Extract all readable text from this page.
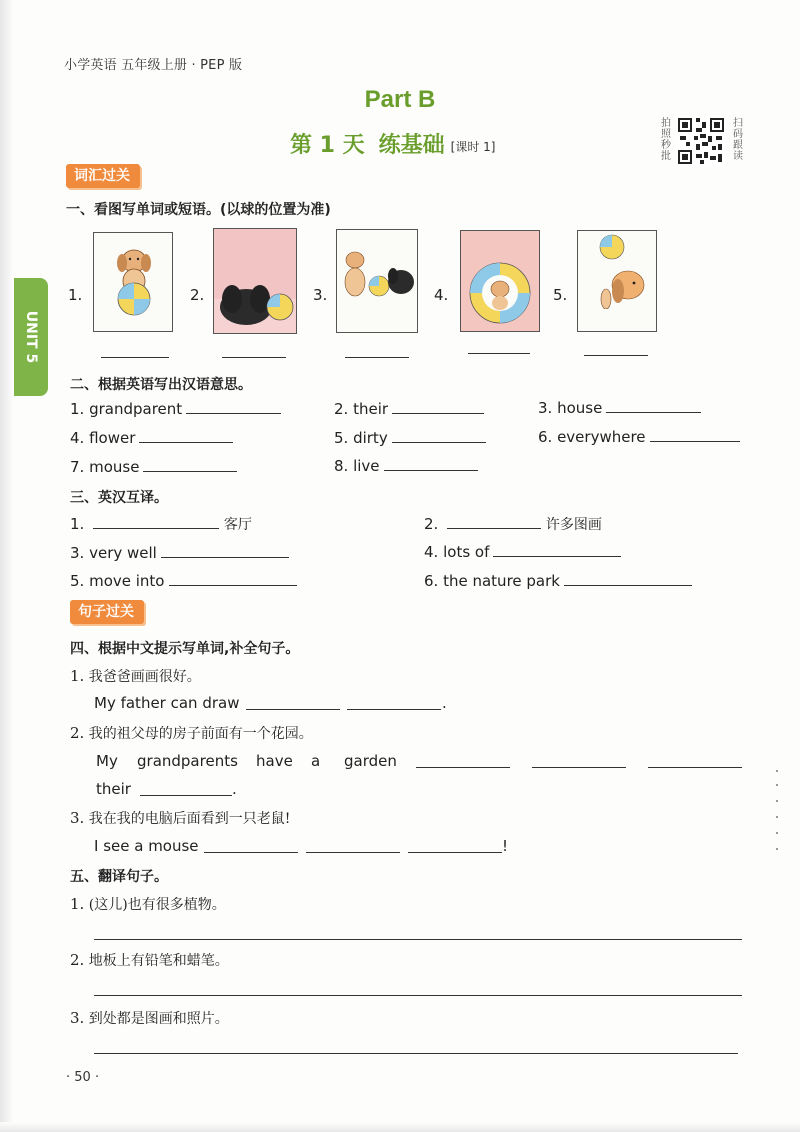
小学英语 五年级上册 · PEP 版
Part B
第 1 天 练基础 [课时 1]
拍照秒批
扫码跟读
UNIT 5
词汇过关
一、看图写单词或短语。(以球的位置为准)
1.	2.	3.	4.	5.
二、根据英语写出汉语意思。
1. grandparent	2. their	3. house
4. flower	5. dirty	6. everywhere
7. mouse	8. live
三、英汉互译。
1.	客厅	2.	许多图画
3. very well	4. lots of
5. move into	6. the nature park
句子过关
四、根据中文提示写单词,补全句子。
1. 我爸爸画画很好。
My father can draw	.
2. 我的祖父母的房子前面有一个花园。
My grandparents have a garden
their	.
3. 我在我的电脑后面看到一只老鼠!
I see a mouse	!
五、翻译句子。
1. (这儿)也有很多植物。
2. 地板上有铅笔和蜡笔。
3. 到处都是图画和照片。
· 50 ·
